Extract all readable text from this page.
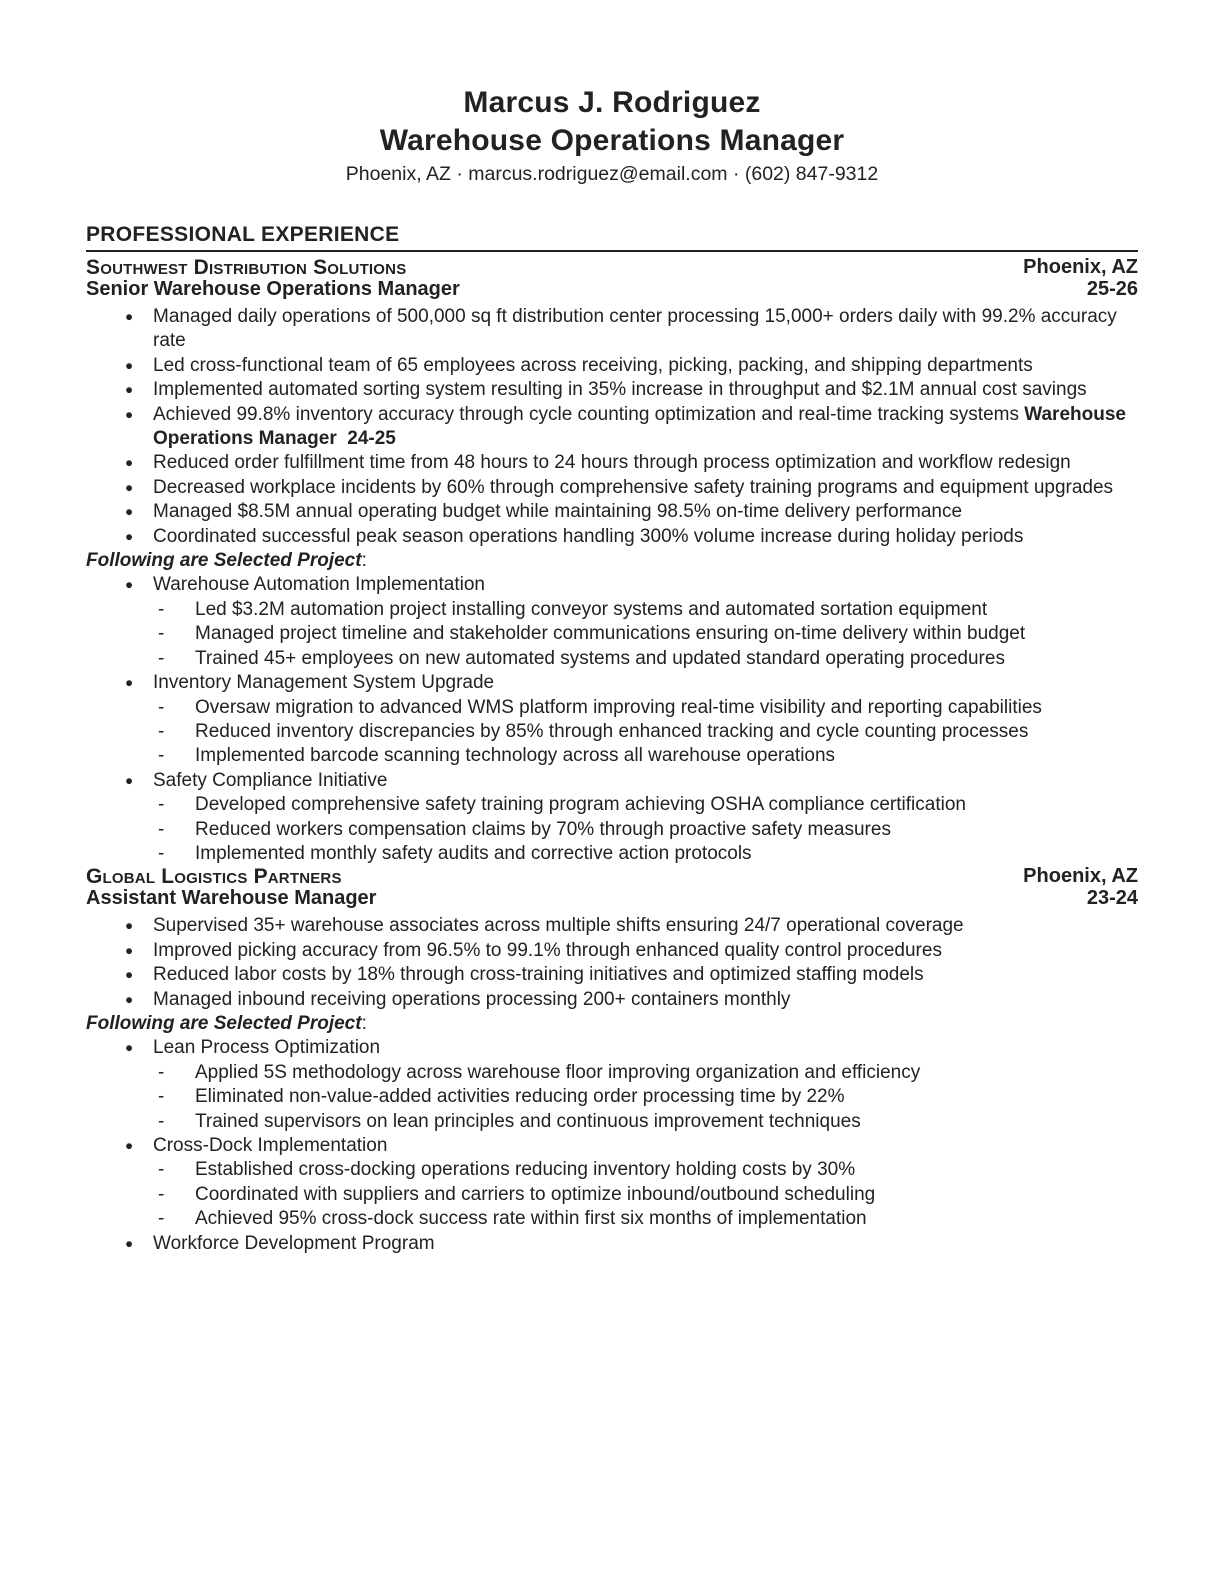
Marcus J. Rodriguez
Warehouse Operations Manager
Phoenix, AZ · marcus.rodriguez@email.com · (602) 847-9312
PROFESSIONAL EXPERIENCE
Southwest Distribution Solutions	Phoenix, AZ
Senior Warehouse Operations Manager	25-26
●	Managed daily operations of 500,000 sq ft distribution center processing 15,000+ orders daily with 99.2% accuracy rate
●	Led cross-functional team of 65 employees across receiving, picking, packing, and shipping departments
●	Implemented automated sorting system resulting in 35% increase in throughput and $2.1M annual cost savings
●	Achieved 99.8% inventory accuracy through cycle counting optimization and real-time tracking systems Warehouse Operations Manager  24-25
●	Reduced order fulfillment time from 48 hours to 24 hours through process optimization and workflow redesign
●	Decreased workplace incidents by 60% through comprehensive safety training programs and equipment upgrades
●	Managed $8.5M annual operating budget while maintaining 98.5% on-time delivery performance
●	Coordinated successful peak season operations handling 300% volume increase during holiday periods
Following are Selected Project:
●	Warehouse Automation Implementation
-	Led $3.2M automation project installing conveyor systems and automated sortation equipment
-	Managed project timeline and stakeholder communications ensuring on-time delivery within budget
-	Trained 45+ employees on new automated systems and updated standard operating procedures
●	Inventory Management System Upgrade
-	Oversaw migration to advanced WMS platform improving real-time visibility and reporting capabilities
-	Reduced inventory discrepancies by 85% through enhanced tracking and cycle counting processes
-	Implemented barcode scanning technology across all warehouse operations
●	Safety Compliance Initiative
-	Developed comprehensive safety training program achieving OSHA compliance certification
-	Reduced workers compensation claims by 70% through proactive safety measures
-	Implemented monthly safety audits and corrective action protocols
Global Logistics Partners	Phoenix, AZ
Assistant Warehouse Manager	23-24
●	Supervised 35+ warehouse associates across multiple shifts ensuring 24/7 operational coverage
●	Improved picking accuracy from 96.5% to 99.1% through enhanced quality control procedures
●	Reduced labor costs by 18% through cross-training initiatives and optimized staffing models
●	Managed inbound receiving operations processing 200+ containers monthly
Following are Selected Project:
●	Lean Process Optimization
-	Applied 5S methodology across warehouse floor improving organization and efficiency
-	Eliminated non-value-added activities reducing order processing time by 22%
-	Trained supervisors on lean principles and continuous improvement techniques
●	Cross-Dock Implementation
-	Established cross-docking operations reducing inventory holding costs by 30%
-	Coordinated with suppliers and carriers to optimize inbound/outbound scheduling
-	Achieved 95% cross-dock success rate within first six months of implementation
●	Workforce Development Program
